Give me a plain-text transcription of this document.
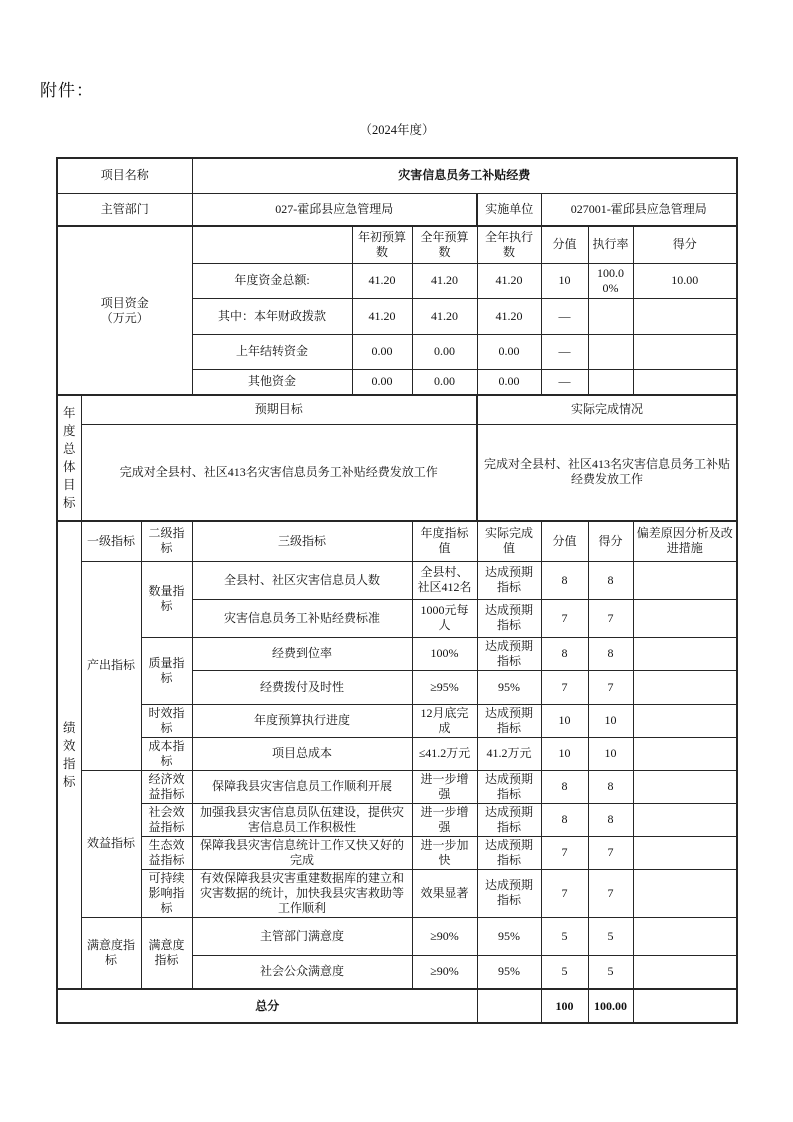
附件：
（2024年度）
项目名称			灾害信息员务工补贴经费						
主管部门			027-霍邱县应急管理局			实施单位	027001-霍邱县应急管理局		

项目资金
（万元）				年初预算数	全年预算数	全年执行数	分值	执行率	得分
			年度资金总额:	41.20	41.20	41.20	10	100.00%	10.00
			其中：本年财政拨款	41.20	41.20	41.20	—		
			上年结转资金	0.00	0.00	0.00	—		
			其他资金	0.00	0.00	0.00	—		

年度总体目标	预期目标					实际完成情况			
	完成对全县村、社区413名灾害信息员务工补贴经费发放工作					完成对全县村、社区413名灾害信息员务工补贴经费发放工作			

绩效指标	一级指标	二级指标	三级指标		年度指标值	实际完成值	分值	得分	偏差原因分析及改进措施
	产出指标	数量指标	全县村、社区灾害信息员人数		全县村、社区412名	达成预期指标	8	8	
			灾害信息员务工补贴经费标准		1000元每人	达成预期指标	7	7	
		质量指标	经费到位率		100%	达成预期指标	8	8	
			经费拨付及时性		≥95%	95%	7	7	
		时效指标	年度预算执行进度		12月底完成	达成预期指标	10	10	
		成本指标	项目总成本		≤41.2万元	41.2万元	10	10	
	效益指标	经济效益指标	保障我县灾害信息员工作顺利开展		进一步增强	达成预期指标	8	8	
		社会效益指标	加强我县灾害信息员队伍建设，提供灾害信息员工作积极性		进一步增强	达成预期指标	8	8	
		生态效益指标	保障我县灾害信息统计工作又快又好的完成		进一步加快	达成预期指标	7	7	
		可持续影响指标	有效保障我县灾害重建数据库的建立和灾害数据的统计，加快我县灾害救助等工作顺利		效果显著	达成预期指标	7	7	
	满意度指标	满意度指标	主管部门满意度		≥90%	95%	5	5	
			社会公众满意度		≥90%	95%	5	5	
总分							100	100.00	
